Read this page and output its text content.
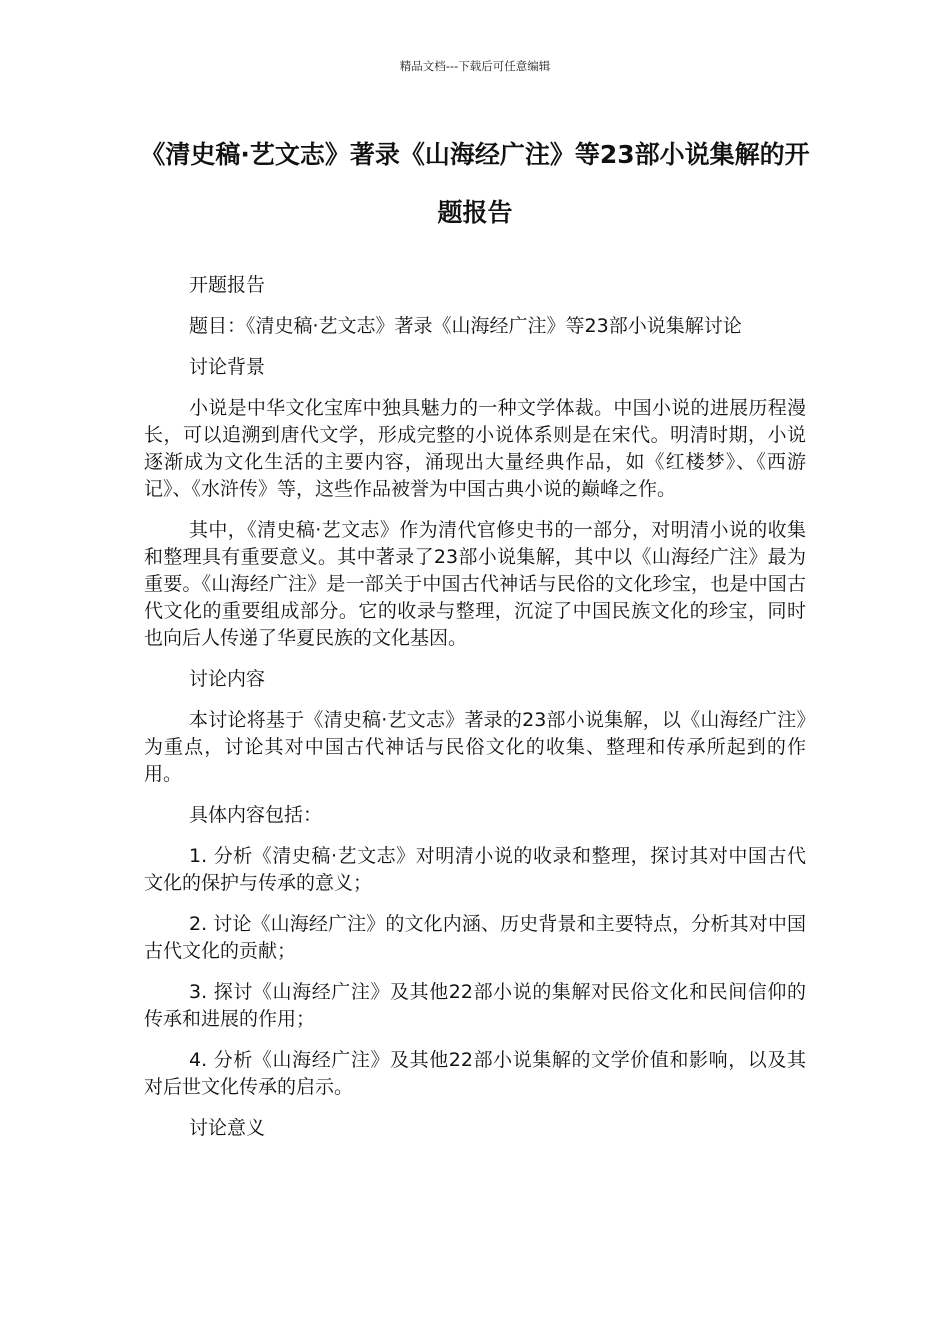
精品文档---下载后可任意编辑
《清史稿·艺文志》著录《山海经广注》等23部小说集解的开题报告

开题报告

题目：《清史稿·艺文志》著录《山海经广注》等23部小说集解讨论

讨论背景

小说是中华文化宝库中独具魅力的一种文学体裁。中国小说的进展历程漫长，可以追溯到唐代文学，形成完整的小说体系则是在宋代。明清时期，小说逐渐成为文化生活的主要内容，涌现出大量经典作品，如《红楼梦》、《西游记》、《水浒传》等，这些作品被誉为中国古典小说的巅峰之作。

其中，《清史稿·艺文志》作为清代官修史书的一部分，对明清小说的收集和整理具有重要意义。其中著录了23部小说集解，其中以《山海经广注》最为重要。《山海经广注》是一部关于中国古代神话与民俗的文化珍宝，也是中国古代文化的重要组成部分。它的收录与整理，沉淀了中国民族文化的珍宝，同时也向后人传递了华夏民族的文化基因。

讨论内容

本讨论将基于《清史稿·艺文志》著录的23部小说集解，以《山海经广注》为重点，讨论其对中国古代神话与民俗文化的收集、整理和传承所起到的作用。

具体内容包括：

1. 分析《清史稿·艺文志》对明清小说的收录和整理，探讨其对中国古代文化的保护与传承的意义；

2. 讨论《山海经广注》的文化内涵、历史背景和主要特点，分析其对中国古代文化的贡献；

3. 探讨《山海经广注》及其他22部小说的集解对民俗文化和民间信仰的传承和进展的作用；

4. 分析《山海经广注》及其他22部小说集解的文学价值和影响，以及其对后世文化传承的启示。

讨论意义
